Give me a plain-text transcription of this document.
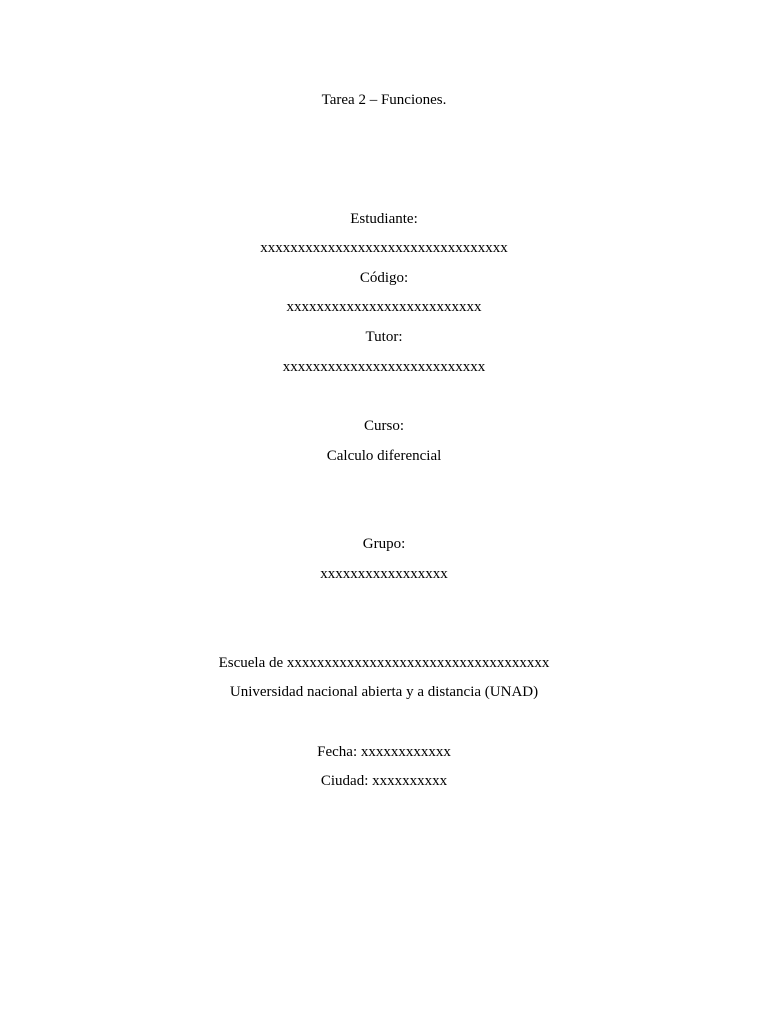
Tarea 2 – Funciones.
Estudiante:
xxxxxxxxxxxxxxxxxxxxxxxxxxxxxxxxx
Código:
xxxxxxxxxxxxxxxxxxxxxxxxxx
Tutor:
xxxxxxxxxxxxxxxxxxxxxxxxxxx
Curso:
Calculo diferencial
Grupo:
xxxxxxxxxxxxxxxxx
Escuela de xxxxxxxxxxxxxxxxxxxxxxxxxxxxxxxxxxx
Universidad nacional abierta y a distancia (UNAD)
Fecha: xxxxxxxxxxxx
Ciudad: xxxxxxxxxx
